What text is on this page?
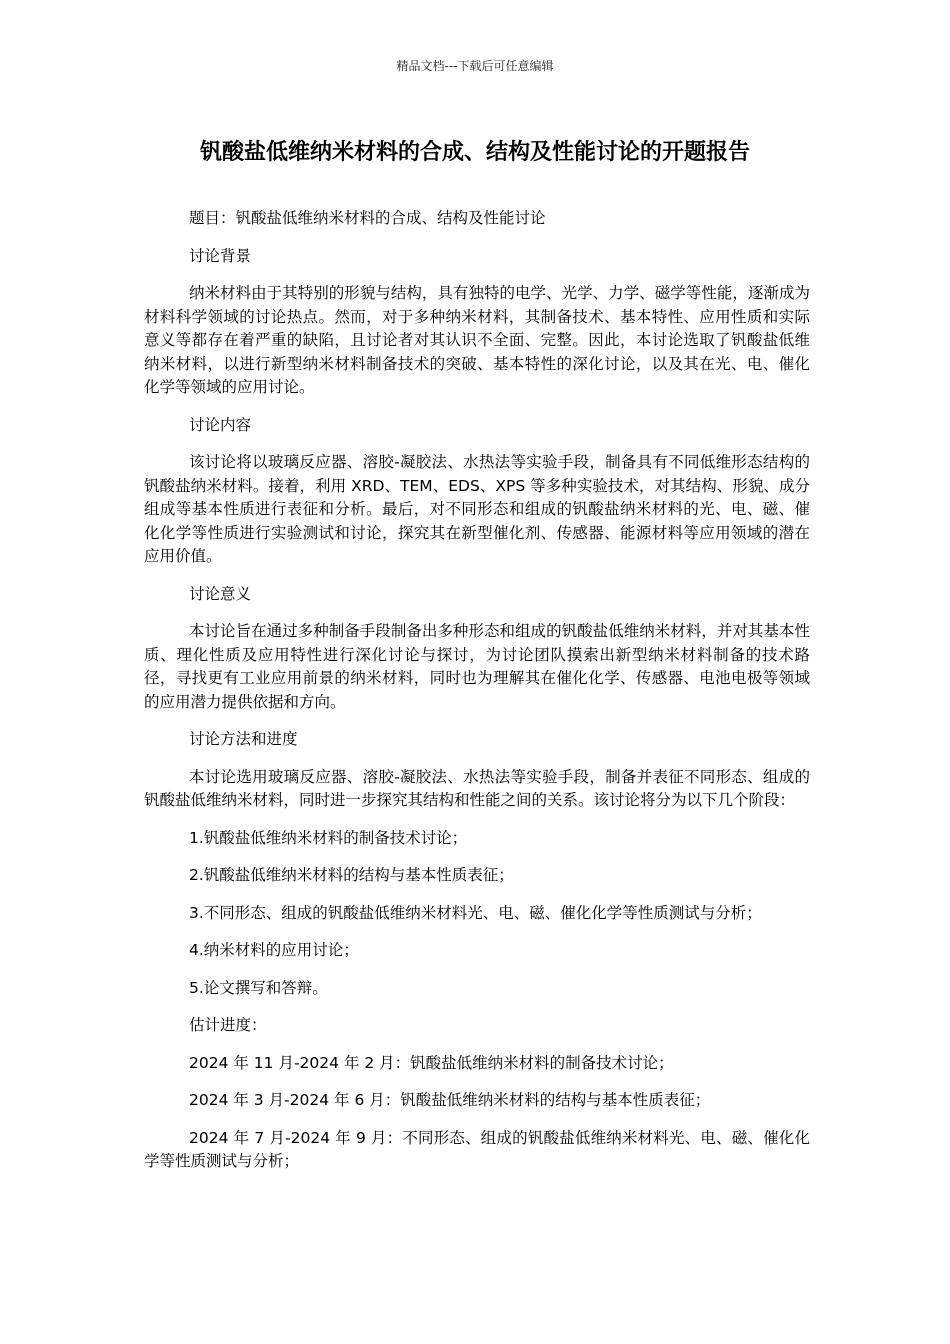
精品文档---下载后可任意编辑
钒酸盐低维纳米材料的合成、结构及性能讨论的开题报告

题目：钒酸盐低维纳米材料的合成、结构及性能讨论

讨论背景

纳米材料由于其特别的形貌与结构，具有独特的电学、光学、力学、磁学等性能，逐渐成为材料科学领域的讨论热点。然而，对于多种纳米材料，其制备技术、基本特性、应用性质和实际意义等都存在着严重的缺陷，且讨论者对其认识不全面、完整。因此，本讨论选取了钒酸盐低维纳米材料，以进行新型纳米材料制备技术的突破、基本特性的深化讨论，以及其在光、电、催化化学等领域的应用讨论。

讨论内容

该讨论将以玻璃反应器、溶胶-凝胶法、水热法等实验手段，制备具有不同低维形态结构的钒酸盐纳米材料。接着，利用 XRD、TEM、EDS、XPS 等多种实验技术，对其结构、形貌、成分组成等基本性质进行表征和分析。最后，对不同形态和组成的钒酸盐纳米材料的光、电、磁、催化化学等性质进行实验测试和讨论，探究其在新型催化剂、传感器、能源材料等应用领域的潜在应用价值。

讨论意义

本讨论旨在通过多种制备手段制备出多种形态和组成的钒酸盐低维纳米材料，并对其基本性质、理化性质及应用特性进行深化讨论与探讨，为讨论团队摸索出新型纳米材料制备的技术路径，寻找更有工业应用前景的纳米材料，同时也为理解其在催化化学、传感器、电池电极等领域的应用潜力提供依据和方向。

讨论方法和进度

本讨论选用玻璃反应器、溶胶-凝胶法、水热法等实验手段，制备并表征不同形态、组成的钒酸盐低维纳米材料，同时进一步探究其结构和性能之间的关系。该讨论将分为以下几个阶段：

1.钒酸盐低维纳米材料的制备技术讨论；

2.钒酸盐低维纳米材料的结构与基本性质表征；

3.不同形态、组成的钒酸盐低维纳米材料光、电、磁、催化化学等性质测试与分析；

4.纳米材料的应用讨论；

5.论文撰写和答辩。

估计进度：

2024 年 11 月-2024 年 2 月：钒酸盐低维纳米材料的制备技术讨论；

2024 年 3 月-2024 年 6 月：钒酸盐低维纳米材料的结构与基本性质表征；

2024 年 7 月-2024 年 9 月：不同形态、组成的钒酸盐低维纳米材料光、电、磁、催化化学等性质测试与分析；
